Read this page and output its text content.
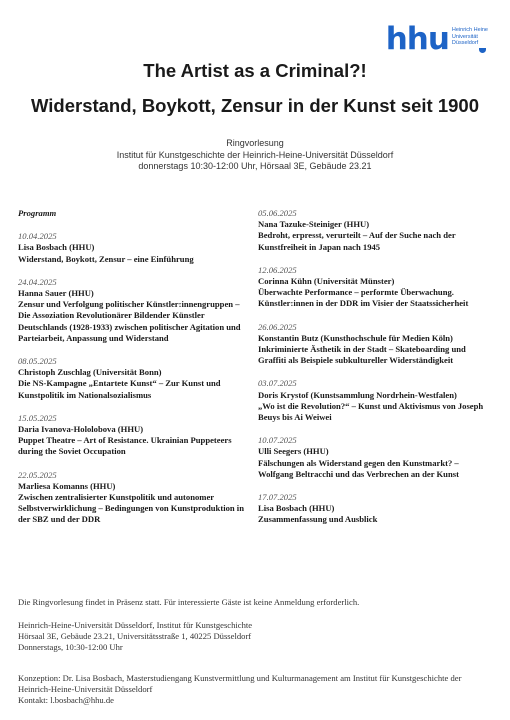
hhu Heinrich Heine
Universität
Düsseldorf
The Artist as a Criminal?!
Widerstand, Boykott, Zensur in der Kunst seit 1900
Ringvorlesung
Institut für Kunstgeschichte der Heinrich-Heine-Universität Düsseldorf
donnerstags 10:30-12:00 Uhr, Hörsaal 3E, Gebäude 23.21
Programm
10.04.2025
Lisa Bosbach (HHU)
Widerstand, Boykott, Zensur – eine Einführung
24.04.2025
Hanna Sauer (HHU)
Zensur und Verfolgung politischer Künstler:innengruppen – Die Assoziation Revolutionärer Bildender Künstler Deutschlands (1928-1933) zwischen politischer Agitation und Parteiarbeit, Anpassung und Widerstand
08.05.2025
Christoph Zuschlag (Universität Bonn)
Die NS-Kampagne „Entartete Kunst“ – Zur Kunst und Kunstpolitik im Nationalsozialismus
15.05.2025
Daria Ivanova-Hololobova (HHU)
Puppet Theatre – Art of Resistance. Ukrainian Puppeteers during the Soviet Occupation
22.05.2025
Marliesa Komanns (HHU)
Zwischen zentralisierter Kunstpolitik und autonomer Selbstverwirklichung – Bedingungen von Kunstproduktion in der SBZ und der DDR
05.06.2025
Nana Tazuke-Steiniger (HHU)
Bedroht, erpresst, verurteilt – Auf der Suche nach der Kunstfreiheit in Japan nach 1945
12.06.2025
Corinna Kühn (Universität Münster)
Überwachte Performance – performte Überwachung. Künstler:innen in der DDR im Visier der Staatssicherheit
26.06.2025
Konstantin Butz (Kunsthochschule für Medien Köln)
Inkriminierte Ästhetik in der Stadt – Skateboarding und Graffiti als Beispiele subkultureller Widerständigkeit
03.07.2025
Doris Krystof (Kunstsammlung Nordrhein-Westfalen)
„Wo ist die Revolution?“ – Kunst und Aktivismus von Joseph Beuys bis Ai Weiwei
10.07.2025
Ulli Seegers (HHU)
Fälschungen als Widerstand gegen den Kunstmarkt? – Wolfgang Beltracchi und das Verbrechen an der Kunst
17.07.2025
Lisa Bosbach (HHU)
Zusammenfassung und Ausblick
Die Ringvorlesung findet in Präsenz statt. Für interessierte Gäste ist keine Anmeldung erforderlich.
Heinrich-Heine-Universität Düsseldorf, Institut für Kunstgeschichte
Hörsaal 3E, Gebäude 23.21, Universitätsstraße 1, 40225 Düsseldorf
Donnerstags, 10:30-12:00 Uhr
Konzeption: Dr. Lisa Bosbach, Masterstudiengang Kunstvermittlung und Kulturmanagement am Institut für Kunstgeschichte der Heinrich-Heine-Universität Düsseldorf
Kontakt: l.bosbach@hhu.de
